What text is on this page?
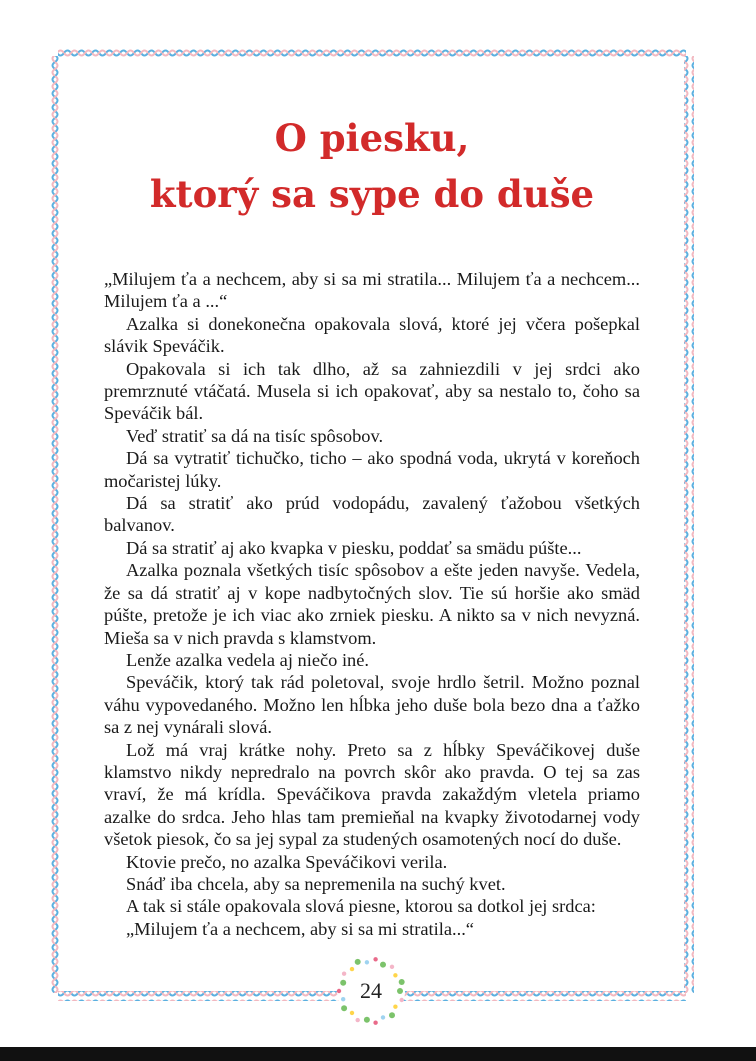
O piesku,
ktorý sa sype do duše

„Milujem ťa a nechcem, aby si sa mi stratila... Milujem ťa a nechcem... Milujem ťa a ...“

Azalka si donekonečna opakovala slová, ktoré jej včera pošepkal slávik Speváčik.

Opakovala si ich tak dlho, až sa zahniezdili v jej srdci ako premrznuté vtáčatá. Musela si ich opakovať, aby sa nestalo to, čoho sa Speváčik bál.

Veď stratiť sa dá na tisíc spôsobov.

Dá sa vytratiť tichučko, ticho – ako spodná voda, ukrytá v koreňoch močaristej lúky.

Dá sa stratiť ako prúd vodopádu, zavalený ťažobou všetkých balvanov.

Dá sa stratiť aj ako kvapka v piesku, poddať sa smädu púšte...

Azalka poznala všetkých tisíc spôsobov a ešte jeden navyše. Vedela, že sa dá stratiť aj v kope nadbytočných slov. Tie sú horšie ako smäd púšte, pretože je ich viac ako zrniek piesku. A nikto sa v nich nevyzná. Mieša sa v nich pravda s klamstvom.

Lenže azalka vedela aj niečo iné.

Speváčik, ktorý tak rád poletoval, svoje hrdlo šetril. Možno poznal váhu vypovedaného. Možno len hĺbka jeho duše bola bezo dna a ťažko sa z nej vynárali slová.

Lož má vraj krátke nohy. Preto sa z hĺbky Speváčikovej duše klamstvo nikdy nepredralo na povrch skôr ako pravda. O tej sa zas vraví, že má krídla. Speváčikova pravda zakaždým vletela priamo azalke do srdca. Jeho hlas tam premieňal na kvapky životodarnej vody všetok piesok, čo sa jej sypal za studených osamotených nocí do duše.

Ktovie prečo, no azalka Speváčikovi verila.

Snáď iba chcela, aby sa nepremenila na suchý kvet.

A tak si stále opakovala slová piesne, ktorou sa dotkol jej srdca:

„Milujem ťa a nechcem, aby si sa mi stratila...“

24
